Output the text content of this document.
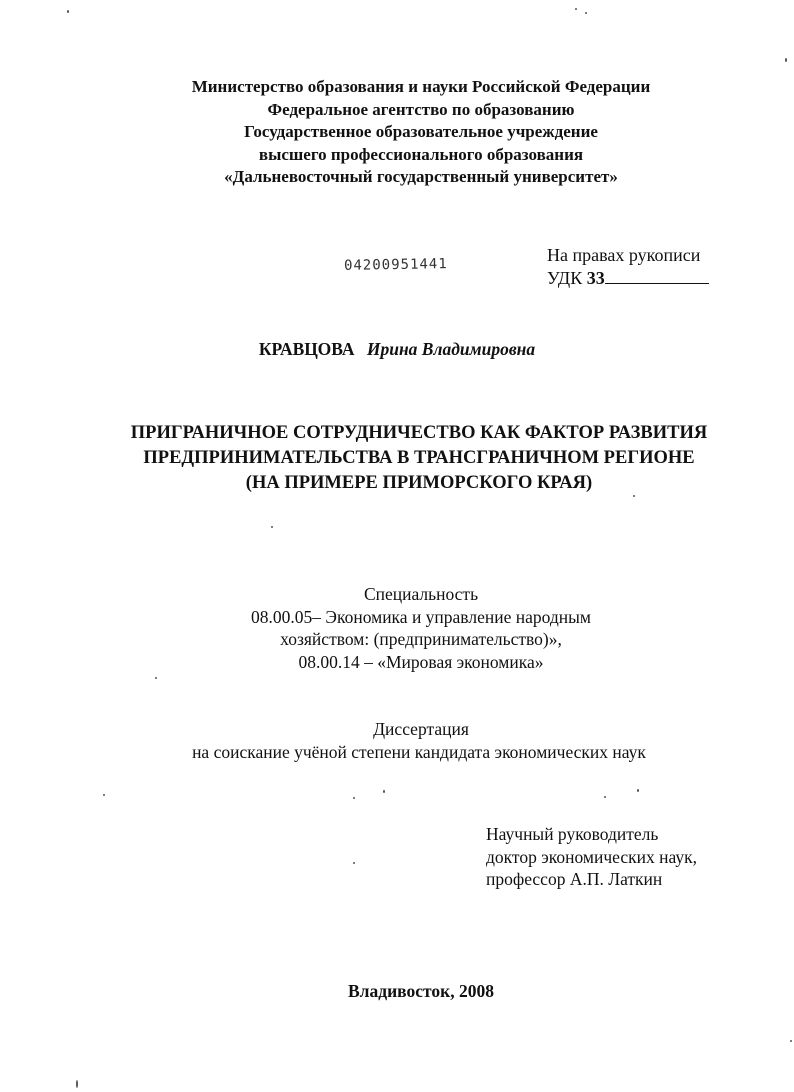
Министерство образования и науки Российской Федерации
Федеральное агентство по образованию
Государственное образовательное учреждение
высшего профессионального образования
«Дальневосточный государственный университет»
04200951441	На правах рукописи
УДК 33
КРАВЦОВА Ирина Владимировна
ПРИГРАНИЧНОЕ СОТРУДНИЧЕСТВО КАК ФАКТОР РАЗВИТИЯ
ПРЕДПРИНИМАТЕЛЬСТВА В ТРАНСГРАНИЧНОМ РЕГИОНЕ
(НА ПРИМЕРЕ ПРИМОРСКОГО КРАЯ)
Специальность
08.00.05– Экономика и управление народным
хозяйством: (предпринимательство)»,
08.00.14 – «Мировая экономика»
Диссертация
на соискание учёной степени кандидата экономических наук
Научный руководитель
доктор экономических наук,
профессор А.П. Латкин
Владивосток, 2008
